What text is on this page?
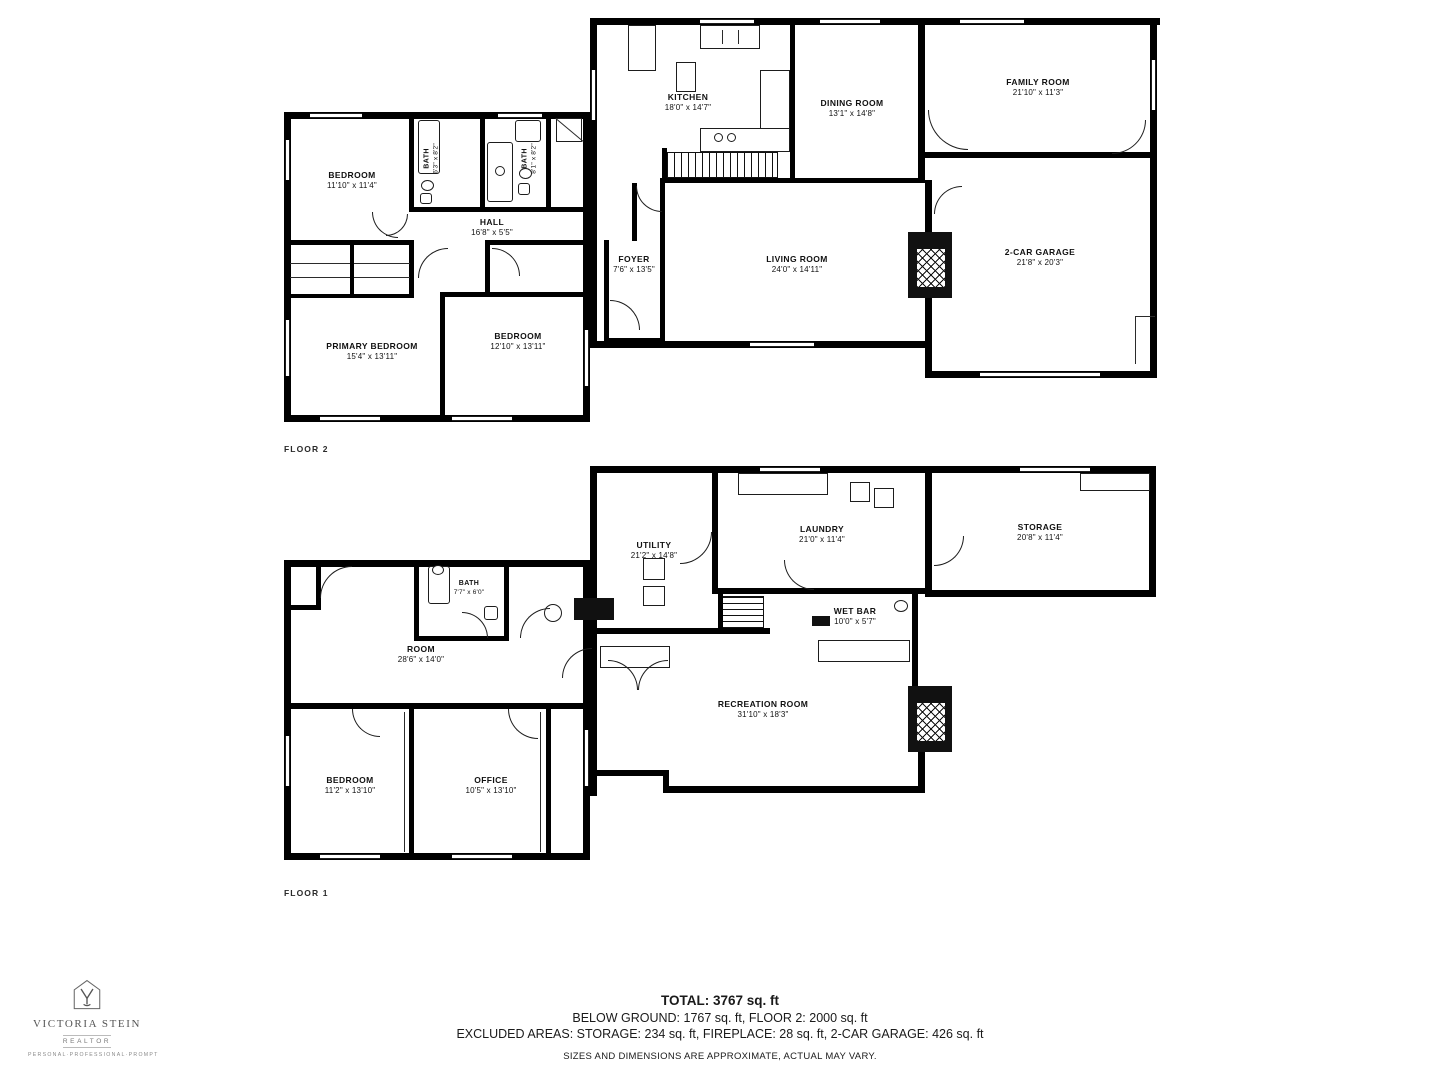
BEDROOM
11'10" x 11'4"
BATH 6'3" x 8'2"	BATH 8'1" x 8'2"
HALL
16'8" x 5'5"
PRIMARY BEDROOM
15'4" x 13'11"
BEDROOM
12'10" x 13'11"
KITCHEN
18'0" x 14'7"	DINING ROOM
13'1" x 14'8"
FAMILY ROOM
21'10" x 11'3"
2-CAR GARAGE
21'8" x 20'3"
LIVING ROOM
24'0" x 14'11"
FOYER
7'6" x 13'5"
FLOOR 2
UTILITY
21'2" x 14'8"
LAUNDRY
21'0" x 11'4"
STORAGE
20'8" x 11'4"
WET BAR
10'0" x 5'7"
RECREATION ROOM
31'10" x 18'3"
BATH
7'7" x 6'0"
ROOM
28'6" x 14'0"
BEDROOM
11'2" x 13'10"
OFFICE
10'5" x 13'10"
FLOOR 1
VICTORIA STEIN
REALTOR
PERSONAL·PROFESSIONAL·PROMPT
TOTAL: 3767 sq. ft
BELOW GROUND: 1767 sq. ft, FLOOR 2: 2000 sq. ft
EXCLUDED AREAS: STORAGE: 234 sq. ft, FIREPLACE: 28 sq. ft, 2-CAR GARAGE: 426 sq. ft
SIZES AND DIMENSIONS ARE APPROXIMATE, ACTUAL MAY VARY.
